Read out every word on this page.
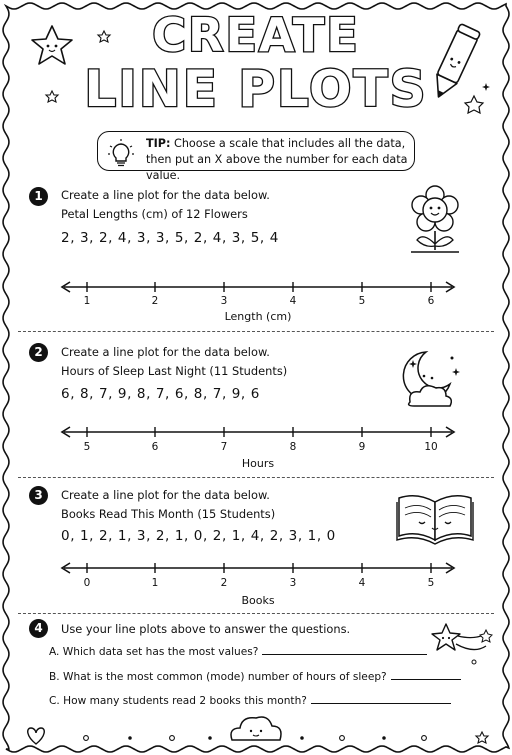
CREATE
LINE PLOTS
TIP: Choose a scale that includes all the data, then put an X above the number for each data value.
1	Create a line plot for the data below.
Petal Lengths (cm) of 12 Flowers
2, 3, 2, 4, 3, 3, 5, 2, 4, 3, 5, 4
1	2	3	4	5	6
Length (cm)
2	Create a line plot for the data below.
Hours of Sleep Last Night (11 Students)
6, 8, 7, 9, 8, 7, 6, 8, 7, 9, 6
5	6	7	8	9	10
Hours
3	Create a line plot for the data below.
Books Read This Month (15 Students)
0, 1, 2, 1, 3, 2, 1, 0, 2, 1, 4, 2, 3, 1, 0
0	1	2	3	4	5
Books
4	Use your line plots above to answer the questions.
A. Which data set has the most values?
B. What is the most common (mode) number of hours of sleep?
C. How many students read 2 books this month?
